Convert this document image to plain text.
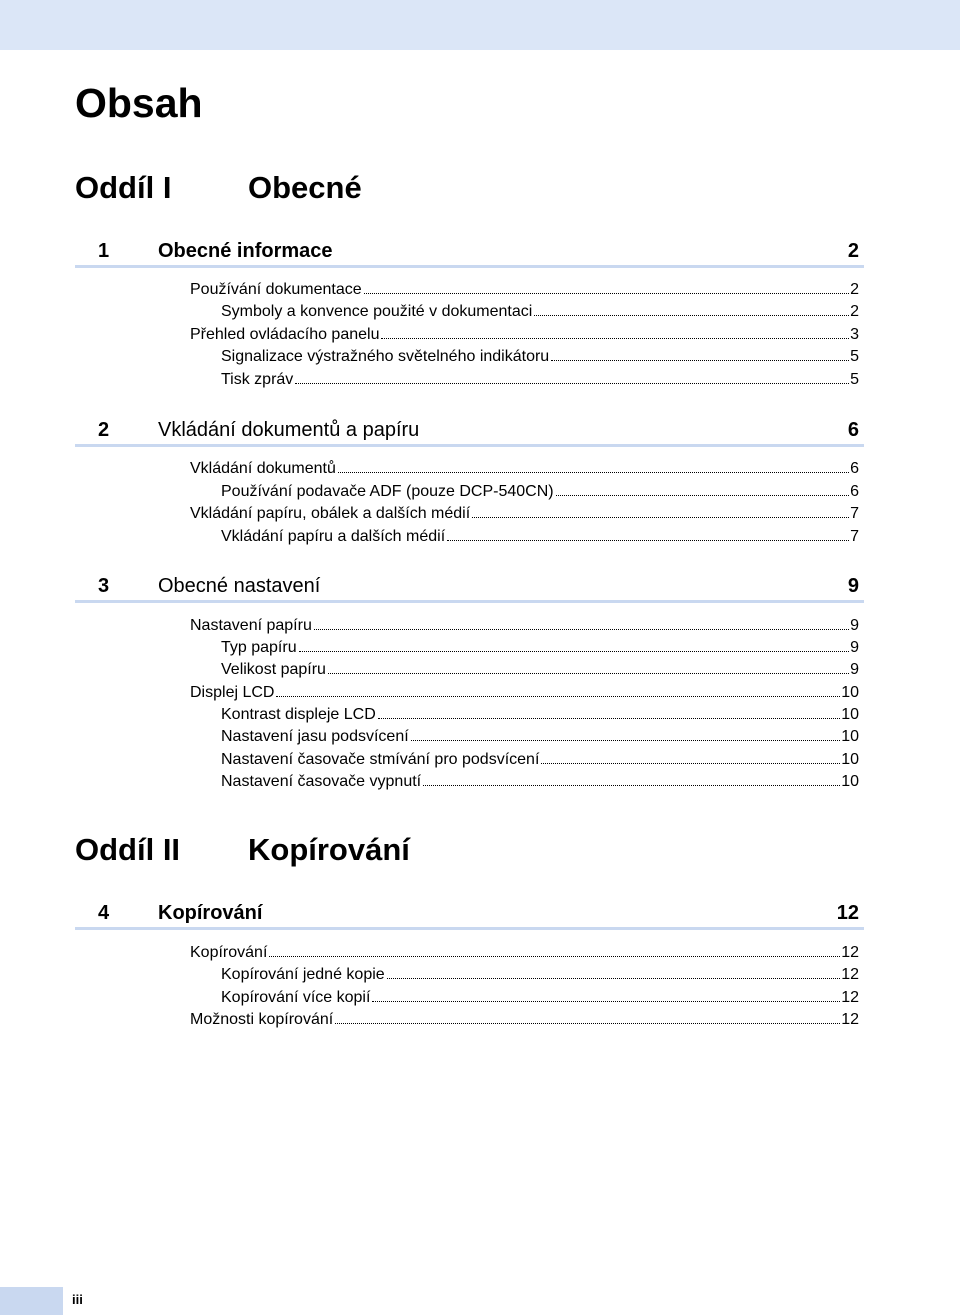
Obsah
Oddíl I Obecné
1 Obecné informace	2
Používání dokumentace	2
Symboly a konvence použité v dokumentaci	2
Přehled ovládacího panelu	3
Signalizace výstražného světelného indikátoru	5
Tisk zpráv	5
2 Vkládání dokumentů a papíru	6
Vkládání dokumentů	6
Používání podavače ADF (pouze DCP-540CN)	6
Vkládání papíru, obálek a dalších médií	7
Vkládání papíru a dalších médií	7
3 Obecné nastavení	9
Nastavení papíru	9
Typ papíru	9
Velikost papíru	9
Displej LCD	10
Kontrast displeje LCD	10
Nastavení jasu podsvícení	10
Nastavení časovače stmívání pro podsvícení	10
Nastavení časovače vypnutí	10
Oddíl II Kopírování
4 Kopírování	12
Kopírování	12
Kopírování jedné kopie	12
Kopírování více kopií	12
Možnosti kopírování	12
iii
